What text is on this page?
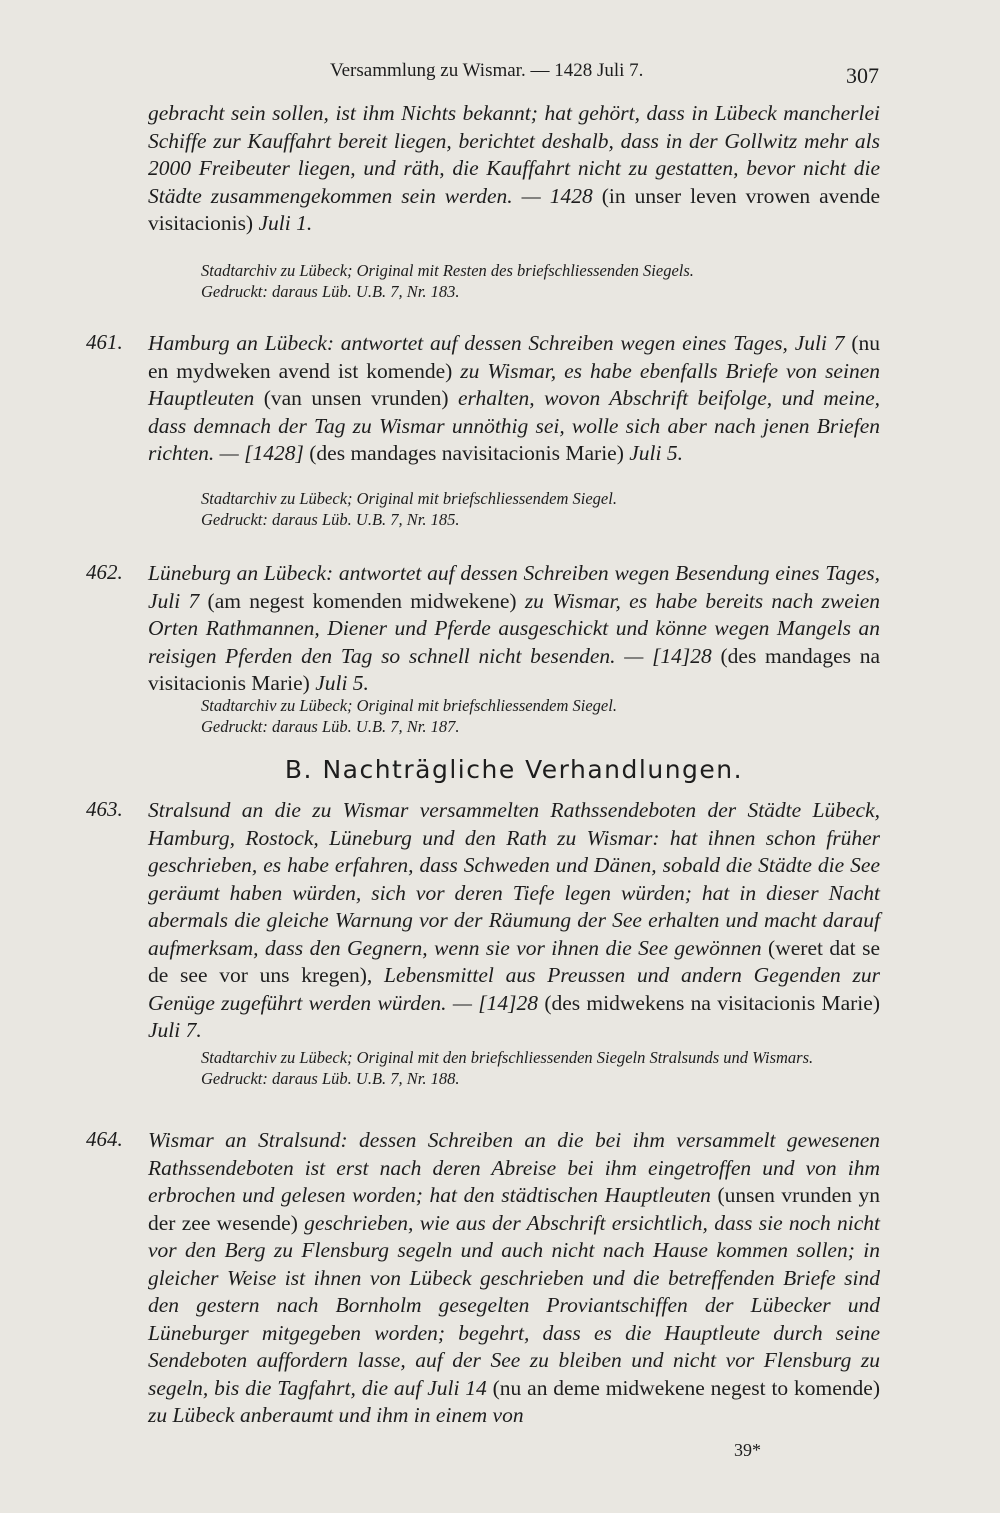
Versammlung zu Wismar. — 1428 Juli 7.	307

gebracht sein sollen, ist ihm Nichts bekannt; hat gehört, dass in Lübeck mancherlei Schiffe zur Kauffahrt bereit liegen, berichtet deshalb, dass in der Gollwitz mehr als 2000 Freibeuter liegen, und räth, die Kauffahrt nicht zu gestatten, bevor nicht die Städte zusammengekommen sein werden. — 1428 (in unser leven vrowen avende visitacionis) Juli 1.

Stadtarchiv zu Lübeck; Original mit Resten des briefschliessenden Siegels.

Gedruckt: daraus Lüb. U.B. 7, Nr. 183.

461. Hamburg an Lübeck: antwortet auf dessen Schreiben wegen eines Tages, Juli 7 (nu en mydweken avend ist komende) zu Wismar, es habe ebenfalls Briefe von seinen Hauptleuten (van unsen vrunden) erhalten, wovon Abschrift beifolge, und meine, dass demnach der Tag zu Wismar unnöthig sei, wolle sich aber nach jenen Briefen richten. — [1428] (des mandages navisitacionis Marie) Juli 5.

Stadtarchiv zu Lübeck; Original mit briefschliessendem Siegel.

Gedruckt: daraus Lüb. U.B. 7, Nr. 185.

462. Lüneburg an Lübeck: antwortet auf dessen Schreiben wegen Besendung eines Tages, Juli 7 (am negest komenden midwekene) zu Wismar, es habe bereits nach zweien Orten Rathmannen, Diener und Pferde ausgeschickt und könne wegen Mangels an reisigen Pferden den Tag so schnell nicht besenden. — [14]28 (des mandages na visitacionis Marie) Juli 5.

Stadtarchiv zu Lübeck; Original mit briefschliessendem Siegel.

Gedruckt: daraus Lüb. U.B. 7, Nr. 187.

B. Nachträgliche Verhandlungen.

463. Stralsund an die zu Wismar versammelten Rathssendeboten der Städte Lübeck, Hamburg, Rostock, Lüneburg und den Rath zu Wismar: hat ihnen schon früher geschrieben, es habe erfahren, dass Schweden und Dänen, sobald die Städte die See geräumt haben würden, sich vor deren Tiefe legen würden; hat in dieser Nacht abermals die gleiche Warnung vor der Räumung der See erhalten und macht darauf aufmerksam, dass den Gegnern, wenn sie vor ihnen die See gewönnen (weret dat se de see vor uns kregen), Lebensmittel aus Preussen und andern Gegenden zur Genüge zugeführt werden würden. — [14]28 (des midwekens na visitacionis Marie) Juli 7.

Stadtarchiv zu Lübeck; Original mit den briefschliessenden Siegeln Stralsunds und Wismars.

Gedruckt: daraus Lüb. U.B. 7, Nr. 188.

464. Wismar an Stralsund: dessen Schreiben an die bei ihm versammelt gewesenen Rathssendeboten ist erst nach deren Abreise bei ihm eingetroffen und von ihm erbrochen und gelesen worden; hat den städtischen Hauptleuten (unsen vrunden yn der zee wesende) geschrieben, wie aus der Abschrift ersichtlich, dass sie noch nicht vor den Berg zu Flensburg segeln und auch nicht nach Hause kommen sollen; in gleicher Weise ist ihnen von Lübeck geschrieben und die betreffenden Briefe sind den gestern nach Bornholm gesegelten Proviantschiffen der Lübecker und Lüneburger mitgegeben worden; begehrt, dass es die Hauptleute durch seine Sendeboten auffordern lasse, auf der See zu bleiben und nicht vor Flensburg zu segeln, bis die Tagfahrt, die auf Juli 14 (nu an deme midwekene negest to komende) zu Lübeck anberaumt und ihm in einem von

39*
